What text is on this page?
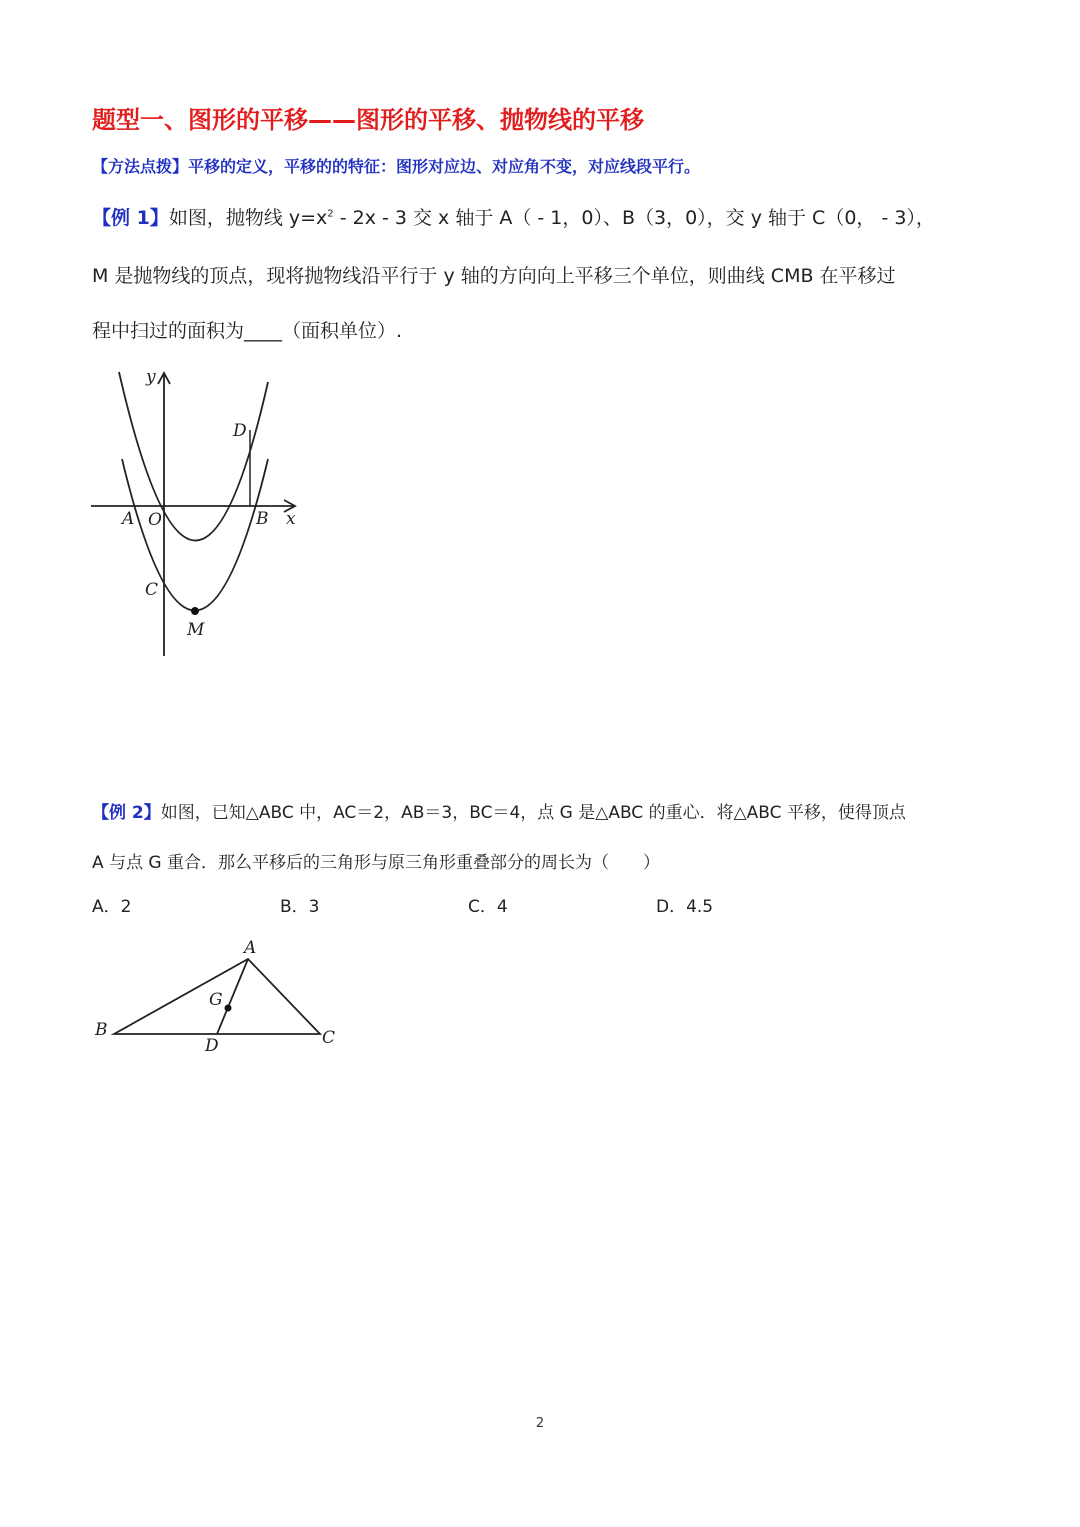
题型一、图形的平移——图形的平移、抛物线的平移
【方法点拨】平移的定义，平移的的特征：图形对应边、对应角不变，对应线段平行。
【例 1】如图，抛物线 $y=x^2 - 2x - 3$ 交 x 轴于 A（ - 1，0）、B（3，0），交 y 轴于 C（0， - 3），
M 是抛物线的顶点，现将抛物线沿平行于 y 轴的方向向上平移三个单位，则曲线 CMB 在平移过
程中扫过的面积为____（面积单位）.
y
x
A O	B
C
D
M
【例 2】如图，已知△ABC 中，AC＝2，AB＝3，BC＝4，点 G 是△ABC 的重心．将△ABC 平移，使得顶点
A 与点 G 重合．那么平移后的三角形与原三角形重叠部分的周长为（　　）
A．2	B．3	C．4	D．4.5
A
B	C
D
G
2
